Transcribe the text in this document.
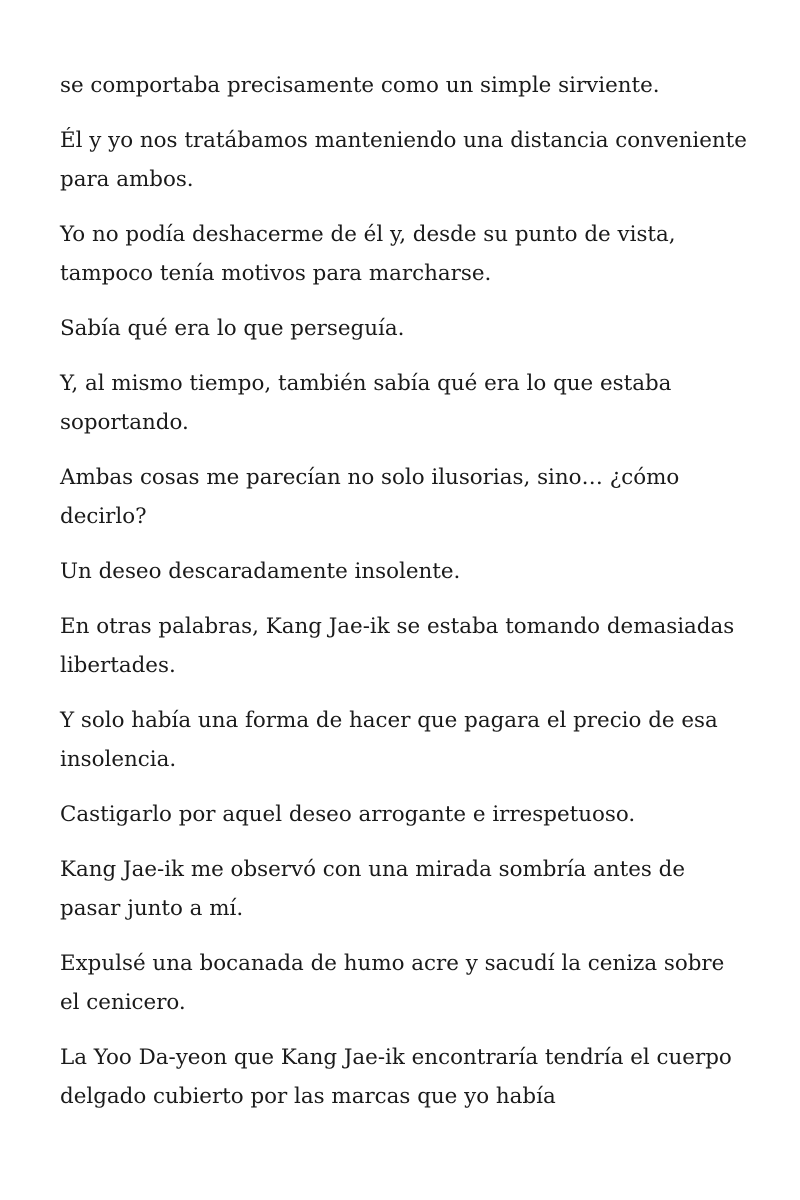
se comportaba precisamente como un simple sirviente.

Él y yo nos tratábamos manteniendo una distancia conveniente para ambos.

Yo no podía deshacerme de él y, desde su punto de vista, tampoco tenía motivos para marcharse.

Sabía qué era lo que perseguía.

Y, al mismo tiempo, también sabía qué era lo que estaba soportando.

Ambas cosas me parecían no solo ilusorias, sino… ¿cómo decirlo?

Un deseo descaradamente insolente.

En otras palabras, Kang Jae-ik se estaba tomando demasiadas libertades.

Y solo había una forma de hacer que pagara el precio de esa insolencia.

Castigarlo por aquel deseo arrogante e irrespetuoso.

Kang Jae-ik me observó con una mirada sombría antes de pasar junto a mí.

Expulsé una bocanada de humo acre y sacudí la ceniza sobre el cenicero.

La Yoo Da-yeon que Kang Jae-ik encontraría tendría el cuerpo delgado cubierto por las marcas que yo había
